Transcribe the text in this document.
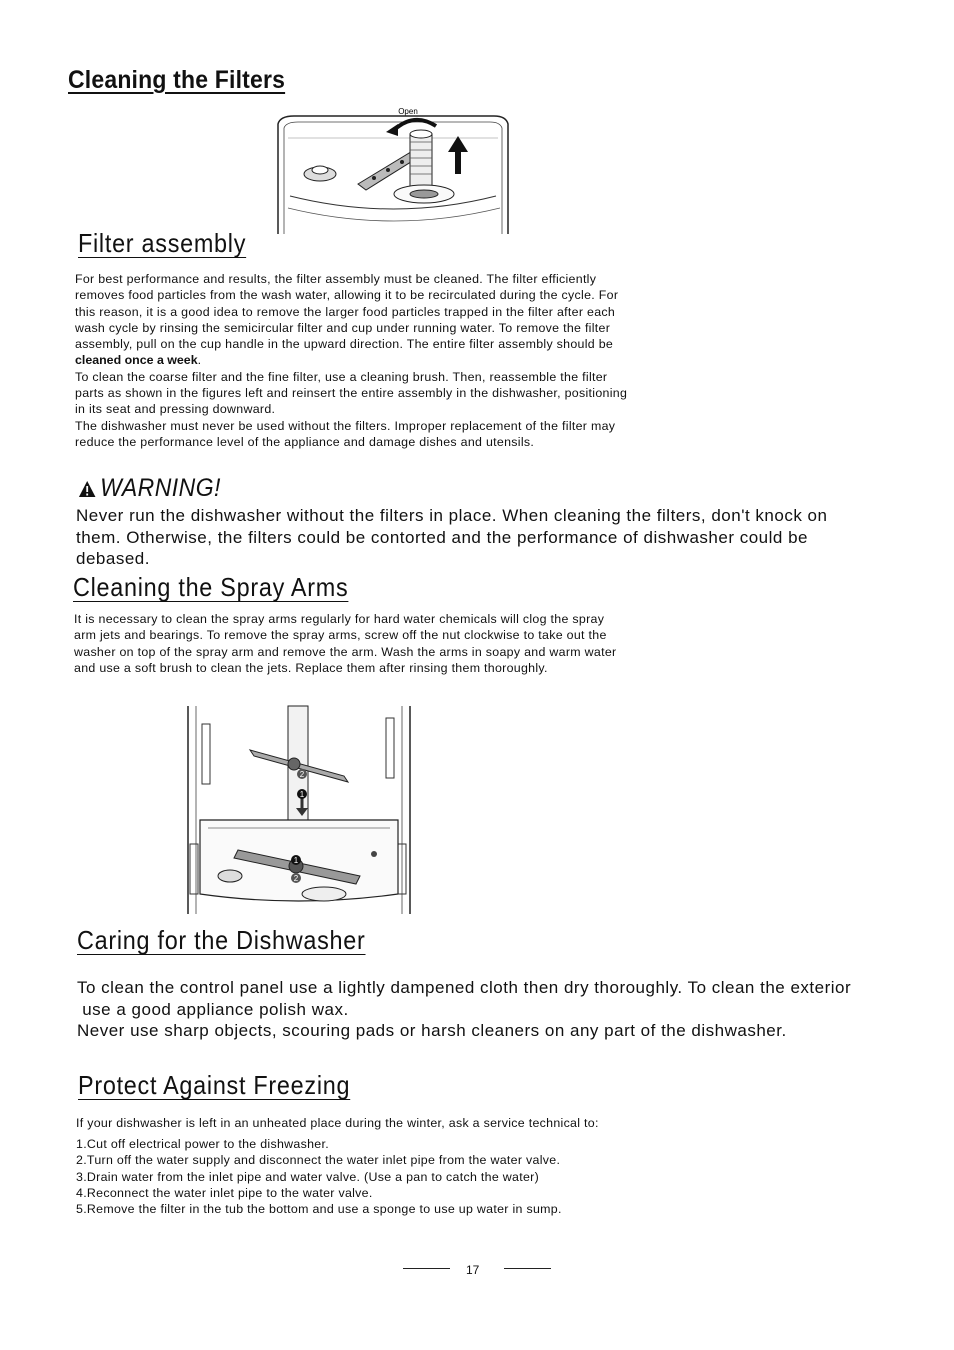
Cleaning the Filters
Open
Filter assembly

For best performance and results, the filter assembly must be cleaned. The filter efficiently

removes food particles from the wash water, allowing it to be recirculated during the cycle. For

this reason, it is a good idea to remove the larger food particles trapped in the filter after each

wash cycle by rinsing the semicircular filter and cup under running water. To remove the filter

assembly, pull on the cup handle in the upward direction. The entire filter assembly should be

cleaned once a week.

To clean the coarse filter and the fine filter, use a cleaning brush. Then, reassemble the filter

parts as shown in the figures left and reinsert the entire assembly in the dishwasher, positioning

in its seat and pressing downward.

The dishwasher must never be used without the filters. Improper replacement of the filter may

reduce the performance level of the appliance and damage dishes and utensils.

WARNING!

Never run the dishwasher without the filters in place. When cleaning the filters, don't knock on

them. Otherwise, the filters could be contorted and the performance of dishwasher could be

debased.

Cleaning the Spray Arms

It is necessary to clean the spray arms regularly for hard water chemicals will clog the spray

arm jets and bearings. To remove the spray arms, screw off the nut clockwise to take out the

washer on top of the spray arm and remove the arm. Wash the arms in soapy and warm water

and use a soft brush to clean the jets. Replace them after rinsing them thoroughly.

1
2
1
2
Caring for the Dishwasher

To clean the control panel use a lightly dampened cloth then dry thoroughly. To clean the exterior

use a good appliance polish wax.

Never use sharp objects, scouring pads or harsh cleaners on any part of the dishwasher.

Protect Against Freezing
If your dishwasher is left in an unheated place during the winter, ask a service technical to:

1.Cut off electrical power to the dishwasher.

2.Turn off the water supply and disconnect the water inlet pipe from the water valve.

3.Drain water from the inlet pipe and water valve. (Use a pan to catch the water)

4.Reconnect the water inlet pipe to the water valve.

5.Remove the filter in the tub the bottom and use a sponge to use up water in sump.

17
